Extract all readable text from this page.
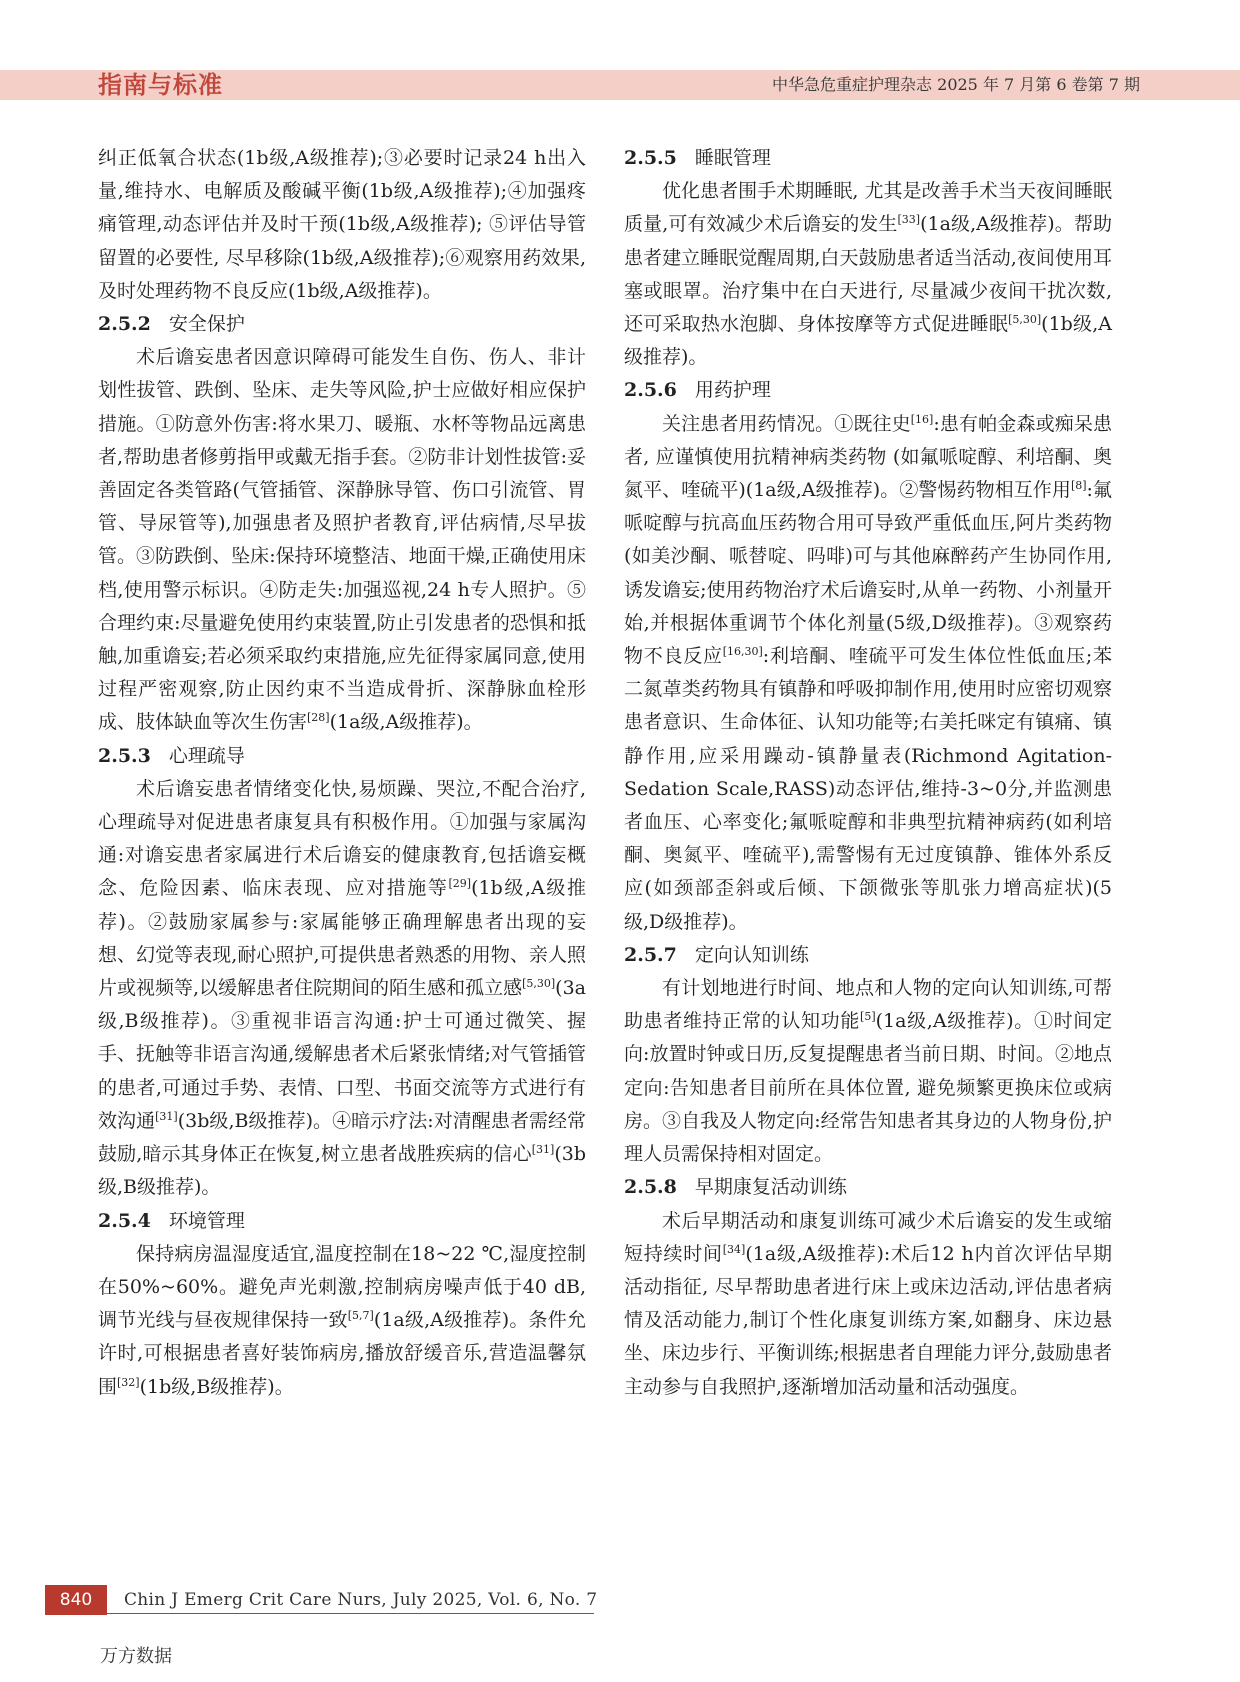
指南与标准	中华急危重症护理杂志 2025 年 7 月第 6 卷第 7 期

纠正低氧合状态(1b级,A级推荐);③必要时记录24 h出入量,维持水、电解质及酸碱平衡(1b级,A级推荐);④加强疼痛管理,动态评估并及时干预(1b级,A级推荐); ⑤评估导管留置的必要性, 尽早移除(1b级,A级推荐);⑥观察用药效果,及时处理药物不良反应(1b级,A级推荐)。

2.5.2 安全保护

术后谵妄患者因意识障碍可能发生自伤、伤人、非计划性拔管、跌倒、坠床、走失等风险,护士应做好相应保护措施。①防意外伤害:将水果刀、暖瓶、水杯等物品远离患者,帮助患者修剪指甲或戴无指手套。②防非计划性拔管:妥善固定各类管路(气管插管、深静脉导管、伤口引流管、胃管、导尿管等),加强患者及照护者教育,评估病情,尽早拔管。③防跌倒、坠床:保持环境整洁、地面干燥,正确使用床档,使用警示标识。④防走失:加强巡视,24 h专人照护。⑤合理约束:尽量避免使用约束装置,防止引发患者的恐惧和抵触,加重谵妄;若必须采取约束措施,应先征得家属同意,使用过程严密观察,防止因约束不当造成骨折、深静脉血栓形成、肢体缺血等次生伤害[28](1a级,A级推荐)。

2.5.3 心理疏导

术后谵妄患者情绪变化快,易烦躁、哭泣,不配合治疗, 心理疏导对促进患者康复具有积极作用。①加强与家属沟通:对谵妄患者家属进行术后谵妄的健康教育,包括谵妄概念、危险因素、临床表现、应对措施等[29](1b级,A级推荐)。②鼓励家属参与:家属能够正确理解患者出现的妄想、幻觉等表现,耐心照护,可提供患者熟悉的用物、亲人照片或视频等,以缓解患者住院期间的陌生感和孤立感[5,30](3a级,B级推荐)。③重视非语言沟通:护士可通过微笑、握手、抚触等非语言沟通,缓解患者术后紧张情绪;对气管插管的患者,可通过手势、表情、口型、书面交流等方式进行有效沟通[31](3b级,B级推荐)。④暗示疗法:对清醒患者需经常鼓励,暗示其身体正在恢复,树立患者战胜疾病的信心[31](3b级,B级推荐)。

2.5.4 环境管理

保持病房温湿度适宜,温度控制在18~22 ℃,湿度控制在50%~60%。避免声光刺激,控制病房噪声低于40 dB,调节光线与昼夜规律保持一致[5,7](1a级,A级推荐)。条件允许时,可根据患者喜好装饰病房,播放舒缓音乐,营造温馨氛围[32](1b级,B级推荐)。

2.5.5 睡眠管理

优化患者围手术期睡眠, 尤其是改善手术当天夜间睡眠质量,可有效减少术后谵妄的发生[33](1a级,A级推荐)。帮助患者建立睡眠觉醒周期,白天鼓励患者适当活动,夜间使用耳塞或眼罩。治疗集中在白天进行, 尽量减少夜间干扰次数, 还可采取热水泡脚、身体按摩等方式促进睡眠[5,30](1b级,A级推荐)。

2.5.6 用药护理

关注患者用药情况。①既往史[16]:患有帕金森或痴呆患者, 应谨慎使用抗精神病类药物 (如氟哌啶醇、利培酮、奥氮平、喹硫平)(1a级,A级推荐)。②警惕药物相互作用[8]:氟哌啶醇与抗高血压药物合用可导致严重低血压,阿片类药物(如美沙酮、哌替啶、吗啡)可与其他麻醉药产生协同作用,诱发谵妄;使用药物治疗术后谵妄时,从单一药物、小剂量开始,并根据体重调节个体化剂量(5级,D级推荐)。③观察药物不良反应[16,30]:利培酮、喹硫平可发生体位性低血压;苯二氮䓬类药物具有镇静和呼吸抑制作用,使用时应密切观察患者意识、生命体征、认知功能等;右美托咪定有镇痛、镇静作用,应采用躁动-镇静量表(Richmond Agitation-Sedation Scale,RASS)动态评估,维持-3~0分,并监测患者血压、心率变化;氟哌啶醇和非典型抗精神病药(如利培酮、奥氮平、喹硫平),需警惕有无过度镇静、锥体外系反应(如颈部歪斜或后倾、下颌微张等肌张力增高症状)(5级,D级推荐)。

2.5.7 定向认知训练

有计划地进行时间、地点和人物的定向认知训练,可帮助患者维持正常的认知功能[5](1a级,A级推荐)。①时间定向:放置时钟或日历,反复提醒患者当前日期、时间。②地点定向:告知患者目前所在具体位置, 避免频繁更换床位或病房。③自我及人物定向:经常告知患者其身边的人物身份,护理人员需保持相对固定。

2.5.8 早期康复活动训练

术后早期活动和康复训练可减少术后谵妄的发生或缩短持续时间[34](1a级,A级推荐):术后12 h内首次评估早期活动指征, 尽早帮助患者进行床上或床边活动,评估患者病情及活动能力,制订个性化康复训练方案,如翻身、床边悬坐、床边步行、平衡训练;根据患者自理能力评分,鼓励患者主动参与自我照护,逐渐增加活动量和活动强度。

840	Chin J Emerg Crit Care Nurs, July 2025, Vol. 6, No. 7
万方数据
